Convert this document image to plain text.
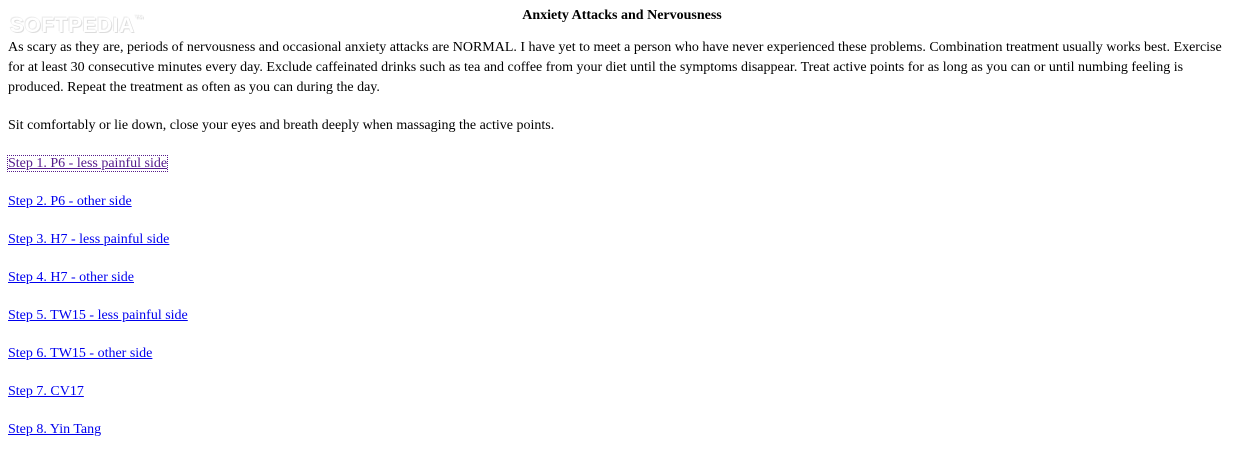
SOFTPEDIA™	Anxiety Attacks and Nervousness

As scary as they are, periods of nervousness and occasional anxiety attacks are NORMAL. I have yet to meet a person who have never experienced these problems. Combination treatment usually works best. Exercise for at least 30 consecutive minutes every day. Exclude caffeinated drinks such as tea and coffee from your diet until the symptoms disappear. Treat active points for as long as you can or until numbing feeling is produced. Repeat the treatment as often as you can during the day.

Sit comfortably or lie down, close your eyes and breath deeply when massaging the active points.

Step 1. P6 - less painful side
Step 2. P6 - other side
Step 3. H7 - less painful side
Step 4. H7 - other side
Step 5. TW15 - less painful side
Step 6. TW15 - other side
Step 7. CV17
Step 8. Yin Tang
